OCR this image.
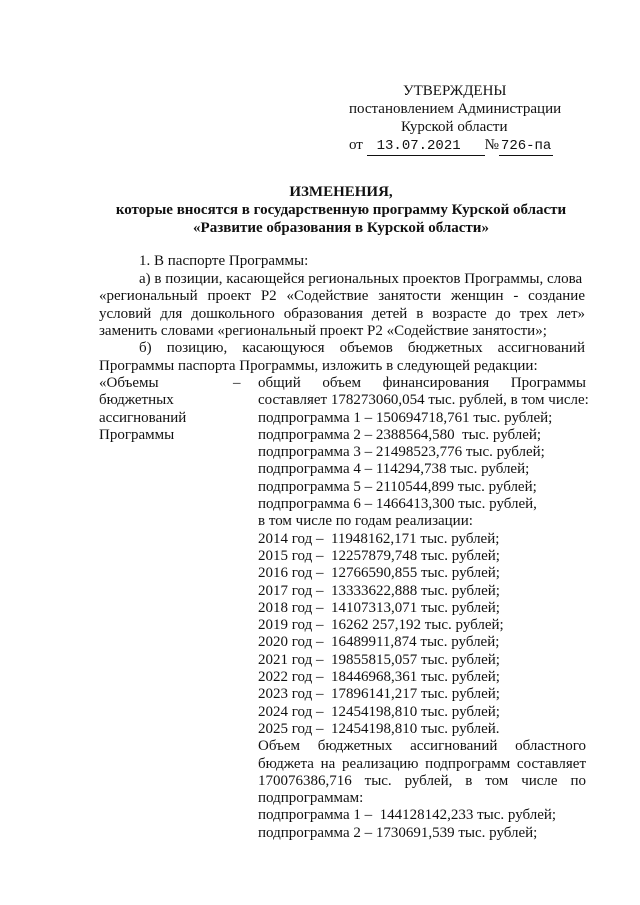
УТВЕРЖДЕНЫ
постановлением Администрации
Курской области
от 13.07.2021 № 726-па
ИЗМЕНЕНИЯ,
которые вносятся в государственную программу Курской области
«Развитие образования в Курской области»
1. В паспорте Программы:
а) в позиции, касающейся региональных проектов Программы, слова
«региональный проект Р2 «Содействие занятости женщин - создание
условий для дошкольного образования детей в возрасте до трех лет»
заменить словами «региональный проект Р2 «Содействие занятости»;
б) позицию, касающуюся объемов бюджетных ассигнований
Программы паспорта Программы, изложить в следующей редакции:
«Объемы
бюджетных
ассигнований
Программы
– общий объем финансирования Программы
составляет 178273060,054 тыс. рублей, в том числе:
подпрограмма 1 – 150694718,761 тыс. рублей;
подпрограмма 2 – 2388564,580  тыс. рублей;
подпрограмма 3 – 21498523,776 тыс. рублей;
подпрограмма 4 – 114294,738 тыс. рублей;
подпрограмма 5 – 2110544,899 тыс. рублей;
подпрограмма 6 – 1466413,300 тыс. рублей,
в том числе по годам реализации:
2014 год –  11948162,171 тыс. рублей;
2015 год –  12257879,748 тыс. рублей;
2016 год –  12766590,855 тыс. рублей;
2017 год –  13333622,888 тыс. рублей;
2018 год –  14107313,071 тыс. рублей;
2019 год –  16262 257,192 тыс. рублей;
2020 год –  16489911,874 тыс. рублей;
2021 год –  19855815,057 тыс. рублей;
2022 год –  18446968,361 тыс. рублей;
2023 год –  17896141,217 тыс. рублей;
2024 год –  12454198,810 тыс. рублей;
2025 год –  12454198,810 тыс. рублей.
Объем бюджетных ассигнований областного
бюджета на реализацию подпрограмм составляет
170076386,716 тыс. рублей, в том числе по
подпрограммам:
подпрограмма 1 –  144128142,233 тыс. рублей;
подпрограмма 2 – 1730691,539 тыс. рублей;
